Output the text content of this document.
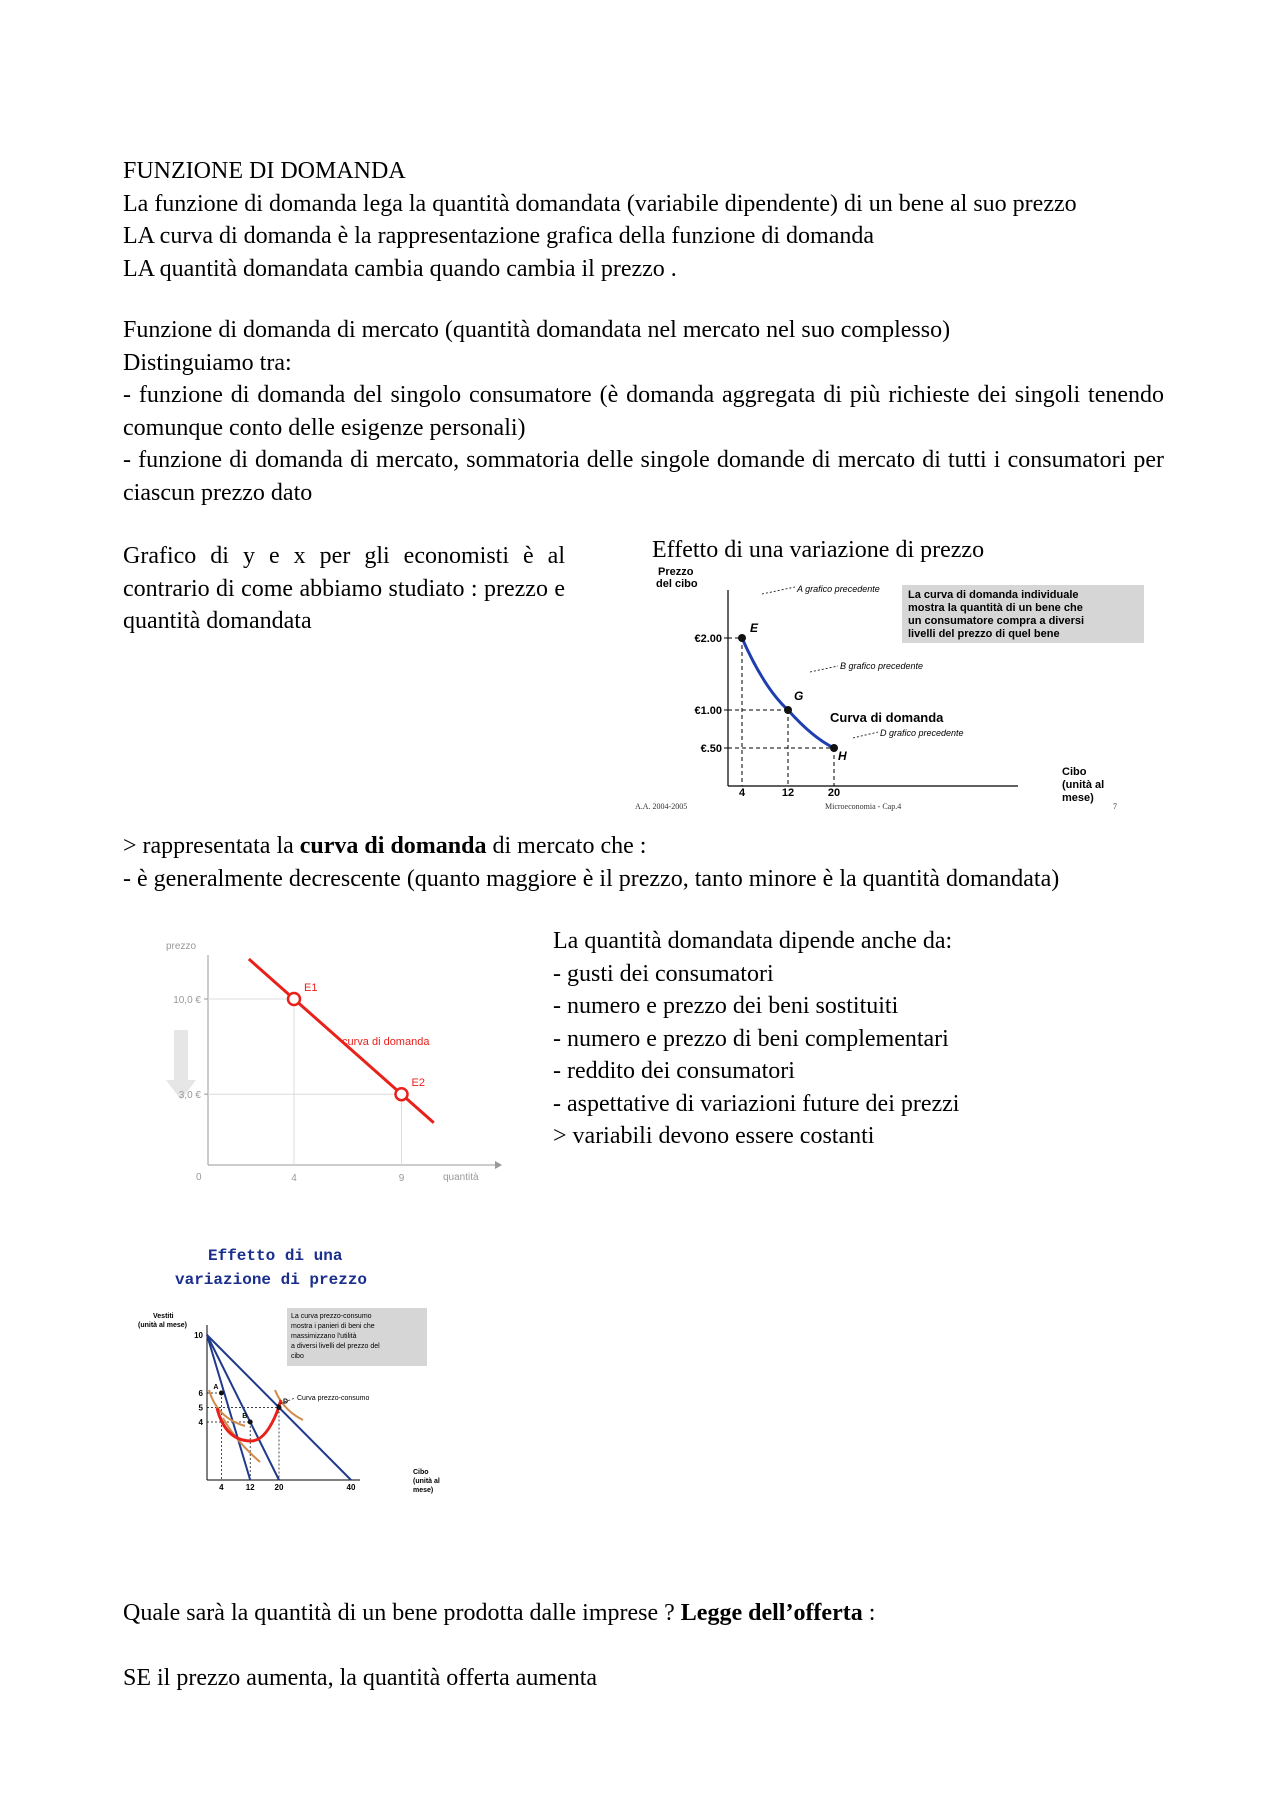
FUNZIONE DI DOMANDA

La funzione di domanda lega la quantità domandata (variabile dipendente) di un bene al suo prezzo

LA curva di domanda è la rappresentazione grafica della funzione di domanda

LA quantità domandata cambia quando cambia il prezzo .

Funzione di domanda di mercato (quantità domandata nel mercato nel suo complesso)

Distinguiamo tra:

- funzione di domanda del singolo consumatore (è domanda aggregata di più richieste dei singoli tenendo comunque conto delle esigenze personali)

- funzione di domanda di mercato, sommatoria delle singole domande di mercato di tutti i consumatori per ciascun prezzo dato

Grafico di y e x per gli economisti è al contrario di come abbiamo studiato : prezzo e quantità domandata

Effetto di una variazione di prezzo
Prezzo
del cibo
€2.00
€1.00
€.50
4	12	20
E
G
H
A grafico precedente
B grafico precedente
D grafico precedente
Curva di domanda
La curva di domanda individuale
mostra la quantità di un bene che
un consumatore compra a diversi
livelli del prezzo di quel bene
Cibo
(unità al
mese)
A.A. 2004-2005	Microeconomia - Cap.4	7

> rappresentata la curva di domanda di mercato che :

- è generalmente decrescente (quanto maggiore è il prezzo, tanto minore è la quantità domandata)

prezzo
0	quantità
10,0 €
4
3,0 €
9
curva di domanda
E1
E2

La quantità domandata dipende anche da:

- gusti dei consumatori

- numero e prezzo dei beni sostituiti

- numero e prezzo di beni complementari

- reddito dei consumatori

- aspettative di variazioni future dei prezzi

> variabili devono essere costanti

Effetto di una
variazione di prezzo
Vestiti
(unità al mese)
La curva prezzo-consumo
mostra i panieri di beni che
massimizzano l'utilità
a diversi livelli del prezzo del
cibo
Curva prezzo-consumo
10
6
5
4
4	12 20	40
A
B
D
Cibo
(unità al
mese)

Quale sarà la quantità di un bene prodotta dalle imprese ? Legge dell’offerta :

SE il prezzo aumenta, la quantità offerta aumenta
